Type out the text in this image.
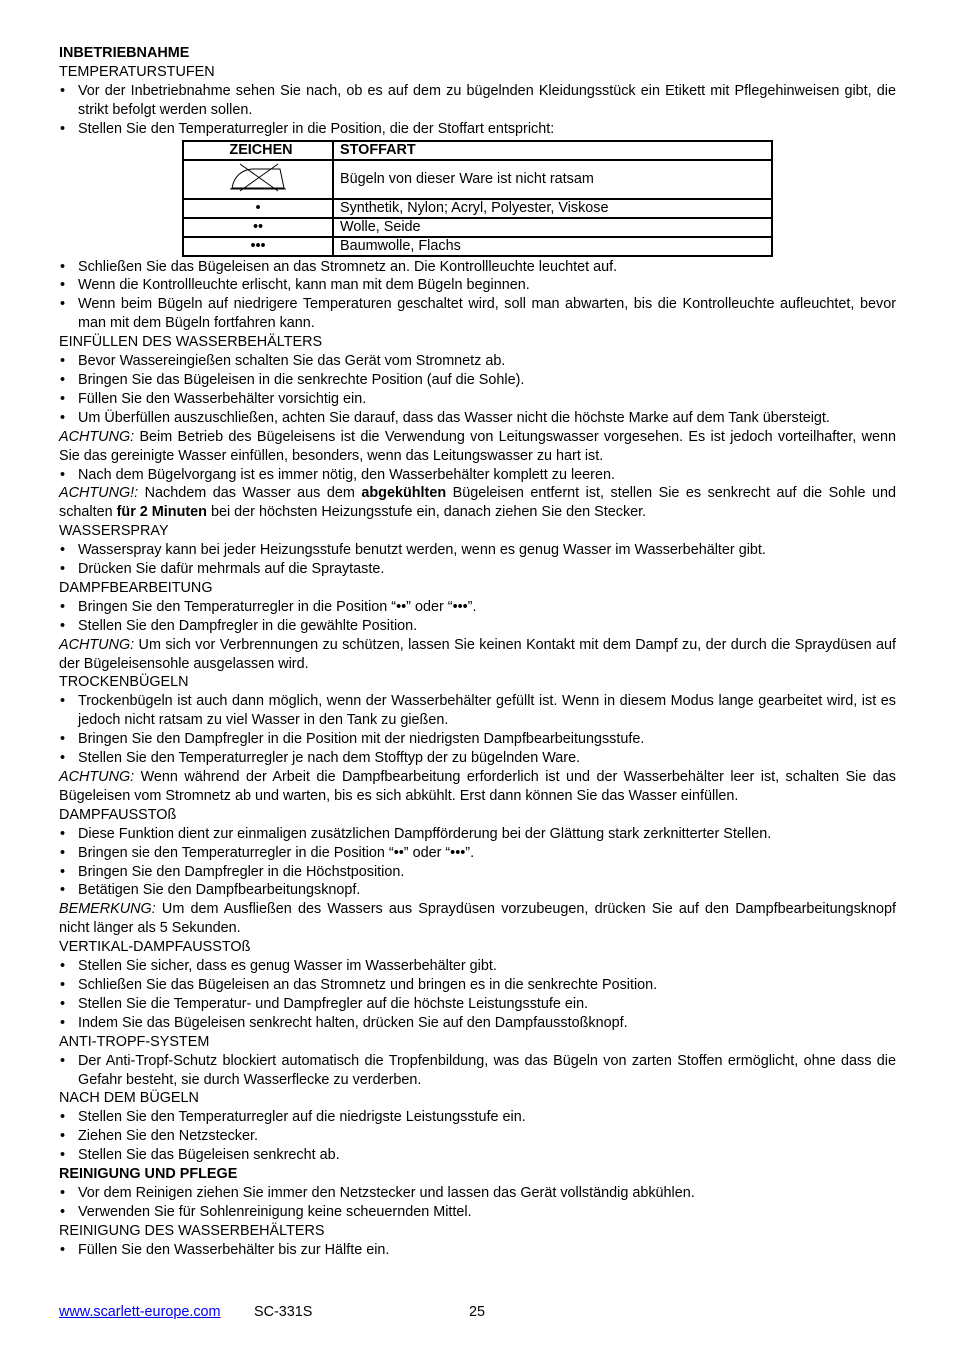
INBETRIEBNAHME
TEMPERATURSTUFEN
• Vor der Inbetriebnahme sehen Sie nach, ob es auf dem zu bügelnden Kleidungsstück ein Etikett mit Pflegehinweisen gibt, die strikt befolgt werden sollen.
• Stellen Sie den Temperaturregler in die Position, die der Stoffart entspricht:
ZEICHEN	STOFFART
	Bügeln von dieser Ware ist nicht ratsam
•	Synthetik, Nylon; Acryl, Polyester, Viskose
••	Wolle, Seide
•••	Baumwolle, Flachs
• Schließen Sie das Bügeleisen an das Stromnetz an. Die Kontrollleuchte leuchtet auf.
• Wenn die Kontrollleuchte erlischt, kann man mit dem Bügeln beginnen.
• Wenn beim Bügeln auf niedrigere Temperaturen geschaltet wird, soll man abwarten, bis die Kontrolleuchte aufleuchtet, bevor man mit dem Bügeln fortfahren kann.
EINFÜLLEN DES WASSERBEHÄLTERS
• Bevor Wassereingießen schalten Sie das Gerät vom Stromnetz ab.
• Bringen Sie das Bügeleisen in die senkrechte Position (auf die Sohle).
• Füllen Sie den Wasserbehälter vorsichtig ein.
• Um Überfüllen auszuschließen, achten Sie darauf, dass das Wasser nicht die höchste Marke auf dem Tank übersteigt.
ACHTUNG: Beim Betrieb des Bügeleisens ist die Verwendung von Leitungswasser vorgesehen. Es ist jedoch vorteilhafter, wenn Sie das gereinigte Wasser einfüllen, besonders, wenn das Leitungswasser zu hart ist.
• Nach dem Bügelvorgang ist es immer nötig, den Wasserbehälter komplett zu leeren.
ACHTUNG!: Nachdem das Wasser aus dem abgekühlten Bügeleisen entfernt ist, stellen Sie es senkrecht auf die Sohle und schalten für 2 Minuten bei der höchsten Heizungsstufe ein, danach ziehen Sie den Stecker.
WASSERSPRAY
• Wasserspray kann bei jeder Heizungsstufe benutzt werden, wenn es genug Wasser im Wasserbehälter gibt.
• Drücken Sie dafür mehrmals auf die Spraytaste.
DAMPFBEARBEITUNG
• Bringen Sie den Temperaturregler in die Position “••” oder “•••”.
• Stellen Sie den Dampfregler in die gewählte Position.
ACHTUNG: Um sich vor Verbrennungen zu schützen, lassen Sie keinen Kontakt mit dem Dampf zu, der durch die Spraydüsen auf der Bügeleisensohle ausgelassen wird.
TROCKENBÜGELN
• Trockenbügeln ist auch dann möglich, wenn der Wasserbehälter gefüllt ist. Wenn in diesem Modus lange gearbeitet wird, ist es jedoch nicht ratsam zu viel Wasser in den Tank zu gießen.
• Bringen Sie den Dampfregler in die Position mit der niedrigsten Dampfbearbeitungsstufe.
• Stellen Sie den Temperaturregler je nach dem Stofftyp der zu bügelnden Ware.
ACHTUNG: Wenn während der Arbeit die Dampfbearbeitung erforderlich ist und der Wasserbehälter leer ist, schalten Sie das Bügeleisen vom Stromnetz ab und warten, bis es sich abkühlt. Erst dann können Sie das Wasser einfüllen.
DAMPFAUSSTOß
• Diese Funktion dient zur einmaligen zusätzlichen Dampfförderung bei der Glättung stark zerknitterter Stellen.
• Bringen sie den Temperaturregler in die Position “••” oder “•••”.
• Bringen Sie den Dampfregler in die Höchstposition.
• Betätigen Sie den Dampfbearbeitungsknopf.
BEMERKUNG: Um dem Ausfließen des Wassers aus Spraydüsen vorzubeugen, drücken Sie auf den Dampfbearbeitungsknopf nicht länger als 5 Sekunden.
VERTIKAL-DAMPFAUSSTOß
• Stellen Sie sicher, dass es genug Wasser im Wasserbehälter gibt.
• Schließen Sie das Bügeleisen an das Stromnetz und bringen es in die senkrechte Position.
• Stellen Sie die Temperatur- und Dampfregler auf die höchste Leistungsstufe ein.
• Indem Sie das Bügeleisen senkrecht halten, drücken Sie auf den Dampfausstoßknopf.
ANTI-TROPF-SYSTEM
• Der Anti-Tropf-Schutz blockiert automatisch die Tropfenbildung, was das Bügeln von zarten Stoffen ermöglicht, ohne dass die Gefahr besteht, sie durch Wasserflecke zu verderben.
NACH DEM BÜGELN
• Stellen Sie den Temperaturregler auf die niedrigste Leistungsstufe ein.
• Ziehen Sie den Netzstecker.
• Stellen Sie das Bügeleisen senkrecht ab.
REINIGUNG UND PFLEGE
• Vor dem Reinigen ziehen Sie immer den Netzstecker und lassen das Gerät vollständig abkühlen.
• Verwenden Sie für Sohlenreinigung keine scheuernden Mittel.
REINIGUNG DES WASSERBEHÄLTERS
• Füllen Sie den Wasserbehälter bis zur Hälfte ein.
www.scarlett-europe.com SC-331S	25
